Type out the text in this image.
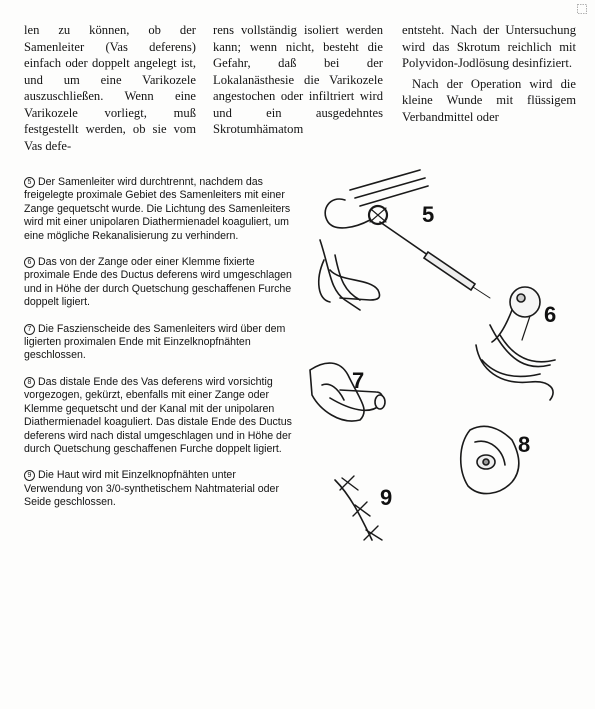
len zu können, ob der Samenleiter (Vas deferens) einfach oder doppelt angelegt ist, und um eine Varikozele auszuschließen. Wenn eine Varikozele vorliegt, muß festgestellt werden, ob sie vom Vas defe-

rens vollständig isoliert werden kann; wenn nicht, besteht die Gefahr, daß bei der Lokalanästhesie die Varikozele angestochen oder infiltriert wird und ein ausgedehntes Skrotumhämatom

entsteht. Nach der Untersuchung wird das Skrotum reichlich mit Polyvidon-Jodlösung desinfiziert.

Nach der Operation wird die kleine Wunde mit flüssigem Verbandmittel oder

5 Der Samenleiter wird durchtrennt, nachdem das freigelegte proximale Gebiet des Samenleiters mit einer Zange gequetscht wurde. Die Lichtung des Samenleiters wird mit einer unipolaren Diathermienadel koaguliert, um eine mögliche Rekanalisierung zu verhindern.

6 Das von der Zange oder einer Klemme fixierte proximale Ende des Ductus deferens wird umgeschlagen und in Höhe der durch Quetschung geschaffenen Furche doppelt ligiert.

7 Die Faszienscheide des Samenleiters wird über dem ligierten proximalen Ende mit Einzelknopfnähten geschlossen.

8 Das distale Ende des Vas deferens wird vorsichtig vorgezogen, gekürzt, ebenfalls mit einer Zange oder Klemme gequetscht und der Kanal mit der unipolaren Diathermienadel koaguliert. Das distale Ende des Ductus deferens wird nach distal umgeschlagen und in Höhe der durch Quetschung geschaffenen Furche doppelt ligiert.

9 Die Haut wird mit Einzelknopfnähten unter Verwendung von 3/0-synthetischem Nahtmaterial oder Seide geschlossen.

5
6
7
8
9
